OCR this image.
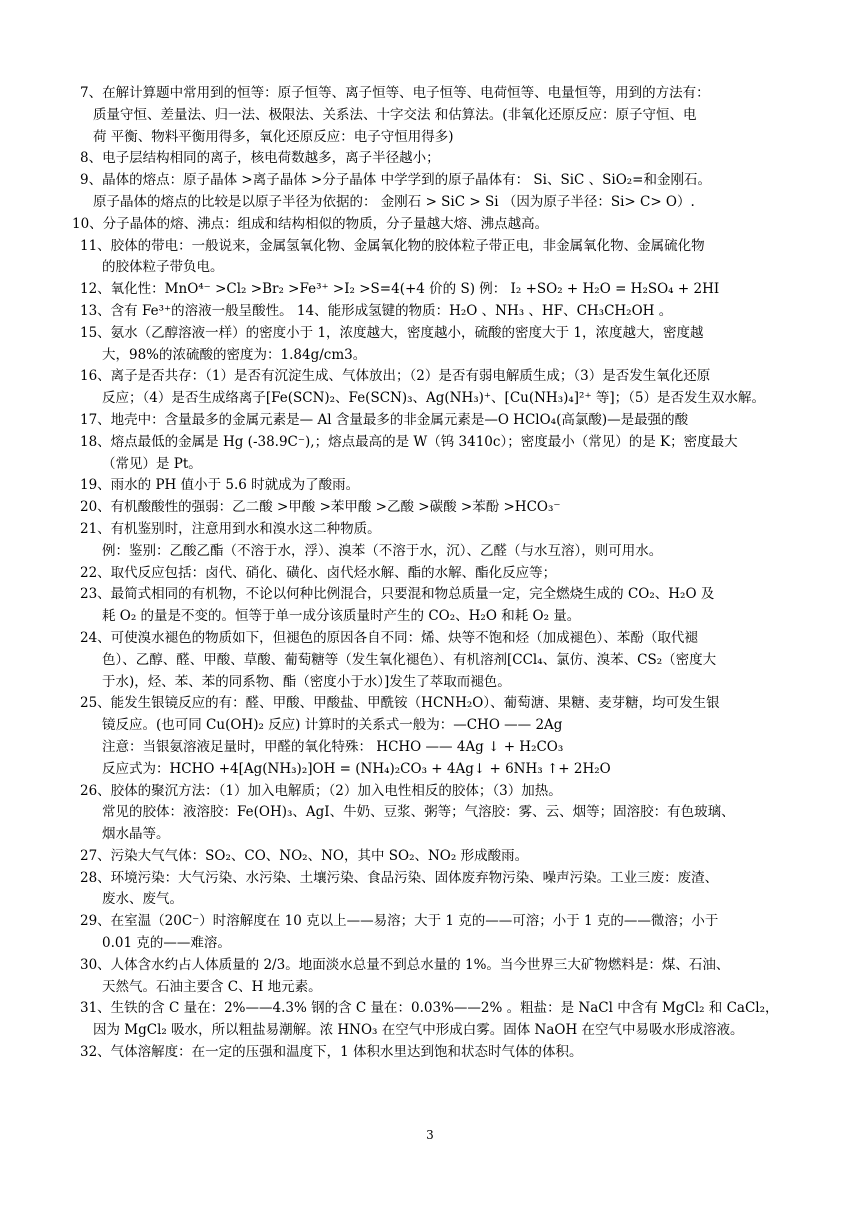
7、在解计算题中常用到的恒等：原子恒等、离子恒等、电子恒等、电荷恒等、电量恒等，用到的方法有：
质量守恒、差量法、归一法、极限法、关系法、十字交法 和估算法。(非氧化还原反应：原子守恒、电
荷 平衡、物料平衡用得多，氧化还原反应：电子守恒用得多)
8、电子层结构相同的离子，核电荷数越多，离子半径越小；
9、晶体的熔点：原子晶体 >离子晶体 >分子晶体 中学学到的原子晶体有： Si、SiC 、SiO₂=和金刚石。
原子晶体的熔点的比较是以原子半径为依据的： 金刚石 > SiC > Si （因为原子半径：Si> C> O）.
10、分子晶体的熔、沸点：组成和结构相似的物质，分子量越大熔、沸点越高。
11、胶体的带电：一般说来，金属氢氧化物、金属氧化物的胶体粒子带正电，非金属氧化物、金属硫化物
的胶体粒子带负电。
12、氧化性：MnO⁴⁻ >Cl₂ >Br₂ >Fe³⁺ >I₂ >S=4(+4 价的 S) 例： I₂ +SO₂ + H₂O = H₂SO₄ + 2HI
13、含有 Fe³⁺的溶液一般呈酸性。 14、能形成氢键的物质：H₂O 、NH₃ 、HF、CH₃CH₂OH 。
15、氨水（乙醇溶液一样）的密度小于 1，浓度越大，密度越小，硫酸的密度大于 1，浓度越大，密度越
大，98%的浓硫酸的密度为：1.84g/cm3。
16、离子是否共存：（1）是否有沉淀生成、气体放出；（2）是否有弱电解质生成；（3）是否发生氧化还原
反应；（4）是否生成络离子[Fe(SCN)₂、Fe(SCN)₃、Ag(NH₃)⁺、[Cu(NH₃)₄]²⁺ 等]；（5）是否发生双水解。
17、地壳中：含量最多的金属元素是— Al 含量最多的非金属元素是—O HClO₄(高氯酸)—是最强的酸
18、熔点最低的金属是 Hg (-38.9C⁻),；熔点最高的是 W（钨 3410c）；密度最小（常见）的是 K；密度最大
（常见）是 Pt。
19、雨水的 PH 值小于 5.6 时就成为了酸雨。
20、有机酸酸性的强弱：乙二酸 >甲酸 >苯甲酸 >乙酸 >碳酸 >苯酚 >HCO₃⁻
21、有机鉴别时，注意用到水和溴水这二种物质。
例：鉴别：乙酸乙酯（不溶于水，浮）、溴苯（不溶于水，沉）、乙醛（与水互溶），则可用水。
22、取代反应包括：卤代、硝化、磺化、卤代烃水解、酯的水解、酯化反应等；
23、最简式相同的有机物，不论以何种比例混合，只要混和物总质量一定，完全燃烧生成的 CO₂、H₂O 及
耗 O₂ 的量是不变的。恒等于单一成分该质量时产生的 CO₂、H₂O 和耗 O₂ 量。
24、可使溴水褪色的物质如下，但褪色的原因各自不同：烯、炔等不饱和烃（加成褪色）、苯酚（取代褪
色）、乙醇、醛、甲酸、草酸、葡萄糖等（发生氧化褪色）、有机溶剂[CCl₄、氯仿、溴苯、CS₂（密度大
于水)，烃、苯、苯的同系物、酯（密度小于水）]发生了萃取而褪色。
25、能发生银镜反应的有：醛、甲酸、甲酸盐、甲酰铵（HCNH₂O）、葡萄溏、果糖、麦芽糖，均可发生银
镜反应。(也可同 Cu(OH)₂ 反应) 计算时的关系式一般为：—CHO —— 2Ag
注意：当银氨溶液足量时，甲醛的氧化特殊： HCHO —— 4Ag ↓ + H₂CO₃
反应式为：HCHO +4[Ag(NH₃)₂]OH = (NH₄)₂CO₃ + 4Ag↓ + 6NH₃ ↑+ 2H₂O
26、胶体的聚沉方法：（1）加入电解质；（2）加入电性相反的胶体；（3）加热。
常见的胶体：液溶胶：Fe(OH)₃、AgI、牛奶、豆浆、粥等；气溶胶：雾、云、烟等；固溶胶：有色玻璃、
烟水晶等。
27、污染大气气体：SO₂、CO、NO₂、NO，其中 SO₂、NO₂ 形成酸雨。
28、环境污染：大气污染、水污染、土壤污染、食品污染、固体废弃物污染、噪声污染。工业三废：废渣、
废水、废气。
29、在室温（20C⁻）时溶解度在 10 克以上——易溶；大于 1 克的——可溶；小于 1 克的——微溶；小于
0.01 克的——难溶。
30、人体含水约占人体质量的 2/3。地面淡水总量不到总水量的 1%。当今世界三大矿物燃料是：煤、石油、
天然气。石油主要含 C、H 地元素。
31、生铁的含 C 量在：2%——4.3% 钢的含 C 量在：0.03%——2% 。粗盐：是 NaCl 中含有 MgCl₂ 和 CaCl₂，
因为 MgCl₂ 吸水，所以粗盐易潮解。浓 HNO₃ 在空气中形成白雾。固体 NaOH 在空气中易吸水形成溶液。
32、气体溶解度：在一定的压强和温度下，1 体积水里达到饱和状态时气体的体积。
3
